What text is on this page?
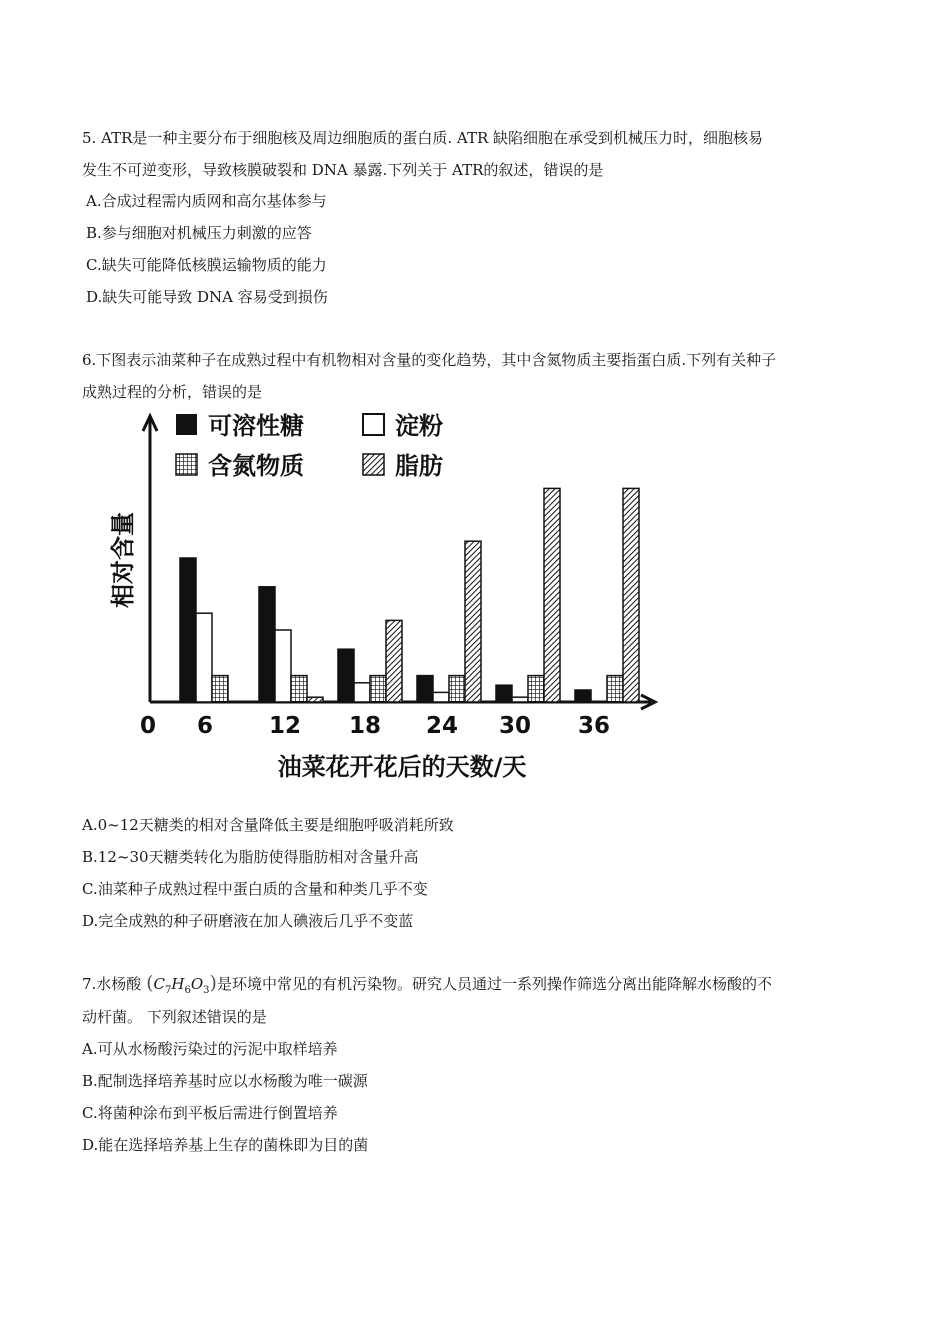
5. ATR是一种主要分布于细胞核及周边细胞质的蛋白质. ATR 缺陷细胞在承受到机械压力时，细胞核易
发生不可逆变形，导致核膜破裂和 DNA 暴露.下列关于 ATR的叙述，错误的是
A.合成过程需内质网和高尔基体参与
B.参与细胞对机械压力刺激的应答
C.缺失可能降低核膜运输物质的能力
D.缺失可能导致 DNA 容易受到损伤
6.下图表示油菜种子在成熟过程中有机物相对含量的变化趋势，其中含氮物质主要指蛋白质.下列有关种子
成熟过程的分析，错误的是
可溶性糖	淀粉
含氮物质	脂肪
相对含量
0 6 12 18 24 30 36
油菜花开花后的天数/天
A.0~12天糖类的相对含量降低主要是细胞呼吸消耗所致
B.12~30天糖类转化为脂肪使得脂肪相对含量升高
C.油菜种子成熟过程中蛋白质的含量和种类几乎不变
D.完全成熟的种子研磨液在加人碘液后几乎不变蓝
7.水杨酸 $(C_7H_6O_3)$是环境中常见的有机污染物。研究人员通过一系列操作筛选分离出能降解水杨酸的不
动杆菌。 下列叙述错误的是
A.可从水杨酸污染过的污泥中取样培养
B.配制选择培养基时应以水杨酸为唯一碳源
C.将菌种涂布到平板后需进行倒置培养
D.能在选择培养基上生存的菌株即为目的菌
